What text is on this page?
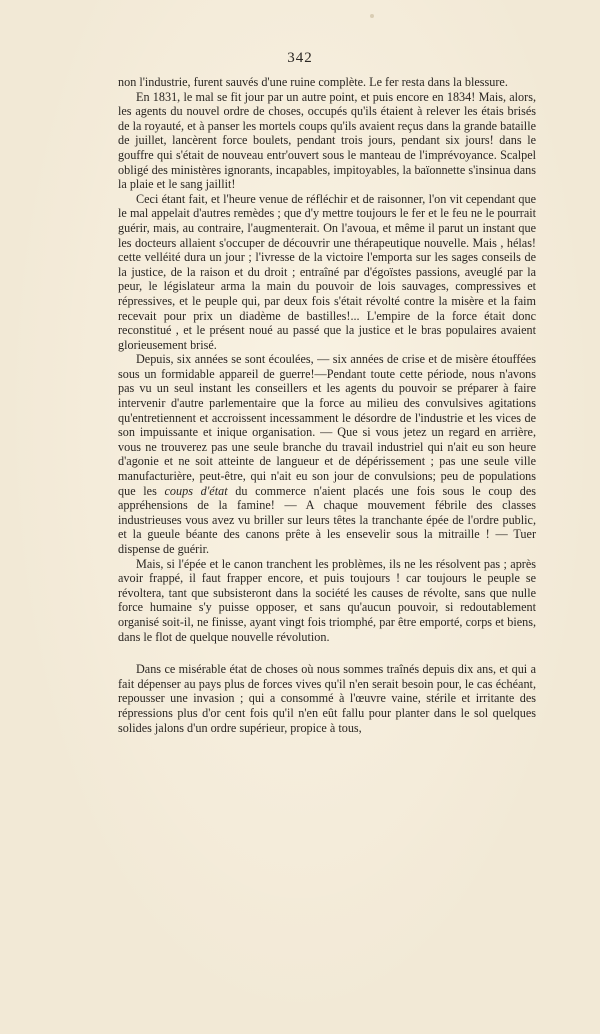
342

non l'industrie, furent sauvés d'une ruine complète. Le fer resta dans la blessure.

En 1831, le mal se fit jour par un autre point, et puis encore en 1834! Mais, alors, les agents du nouvel ordre de choses, occupés qu'ils étaient à relever les étais brisés de la royauté, et à panser les mortels coups qu'ils avaient reçus dans la grande bataille de juillet, lancèrent force boulets, pendant trois jours, pendant six jours! dans le gouffre qui s'était de nouveau entr'ouvert sous le manteau de l'imprévoyance. Scalpel obligé des ministères ignorants, incapables, impitoyables, la baïonnette s'insinua dans la plaie et le sang jaillit!

Ceci étant fait, et l'heure venue de réfléchir et de raisonner, l'on vit cependant que le mal appelait d'autres remèdes ; que d'y mettre toujours le fer et le feu ne le pourrait guérir, mais, au contraire, l'augmenterait. On l'avoua, et même il parut un instant que les docteurs allaient s'occuper de découvrir une thérapeutique nouvelle. Mais , hélas! cette velléité dura un jour ; l'ivresse de la victoire l'emporta sur les sages conseils de la justice, de la raison et du droit ; entraîné par d'égoïstes passions, aveuglé par la peur, le législateur arma la main du pouvoir de lois sauvages, compressives et répressives, et le peuple qui, par deux fois s'était révolté contre la misère et la faim recevait pour prix un diadème de bastilles!... L'empire de la force était donc reconstitué , et le présent noué au passé que la justice et le bras populaires avaient glorieusement brisé.

Depuis, six années se sont écoulées, — six années de crise et de misère étouffées sous un formidable appareil de guerre!—Pendant toute cette période, nous n'avons pas vu un seul instant les conseillers et les agents du pouvoir se préparer à faire intervenir d'autre parlementaire que la force au milieu des convulsives agitations qu'entretiennent et accroissent incessamment le désordre de l'industrie et les vices de son impuissante et inique organisation. — Que si vous jetez un regard en arrière, vous ne trouverez pas une seule branche du travail industriel qui n'ait eu son heure d'agonie et ne soit atteinte de langueur et de dépérissement ; pas une seule ville manufacturière, peut-être, qui n'ait eu son jour de convulsions; peu de populations que les coups d'état du commerce n'aient placés une fois sous le coup des appréhensions de la famine! — A chaque mouvement fébrile des classes industrieuses vous avez vu briller sur leurs têtes la tranchante épée de l'ordre public, et la gueule béante des canons prête à les ensevelir sous la mitraille ! — Tuer dispense de guérir.

Mais, si l'épée et le canon tranchent les problèmes, ils ne les résolvent pas ; après avoir frappé, il faut frapper encore, et puis toujours ! car toujours le peuple se révoltera, tant que subsisteront dans la société les causes de révolte, sans que nulle force humaine s'y puisse opposer, et sans qu'aucun pouvoir, si redoutablement organisé soit-il, ne finisse, ayant vingt fois triomphé, par être emporté, corps et biens, dans le flot de quelque nouvelle révolution.

Dans ce misérable état de choses où nous sommes traînés depuis dix ans, et qui a fait dépenser au pays plus de forces vives qu'il n'en serait besoin pour, le cas échéant, repousser une invasion ; qui a consommé à l'œuvre vaine, stérile et irritante des répressions plus d'or cent fois qu'il n'en eût fallu pour planter dans le sol quelques solides jalons d'un ordre supérieur, propice à tous,
